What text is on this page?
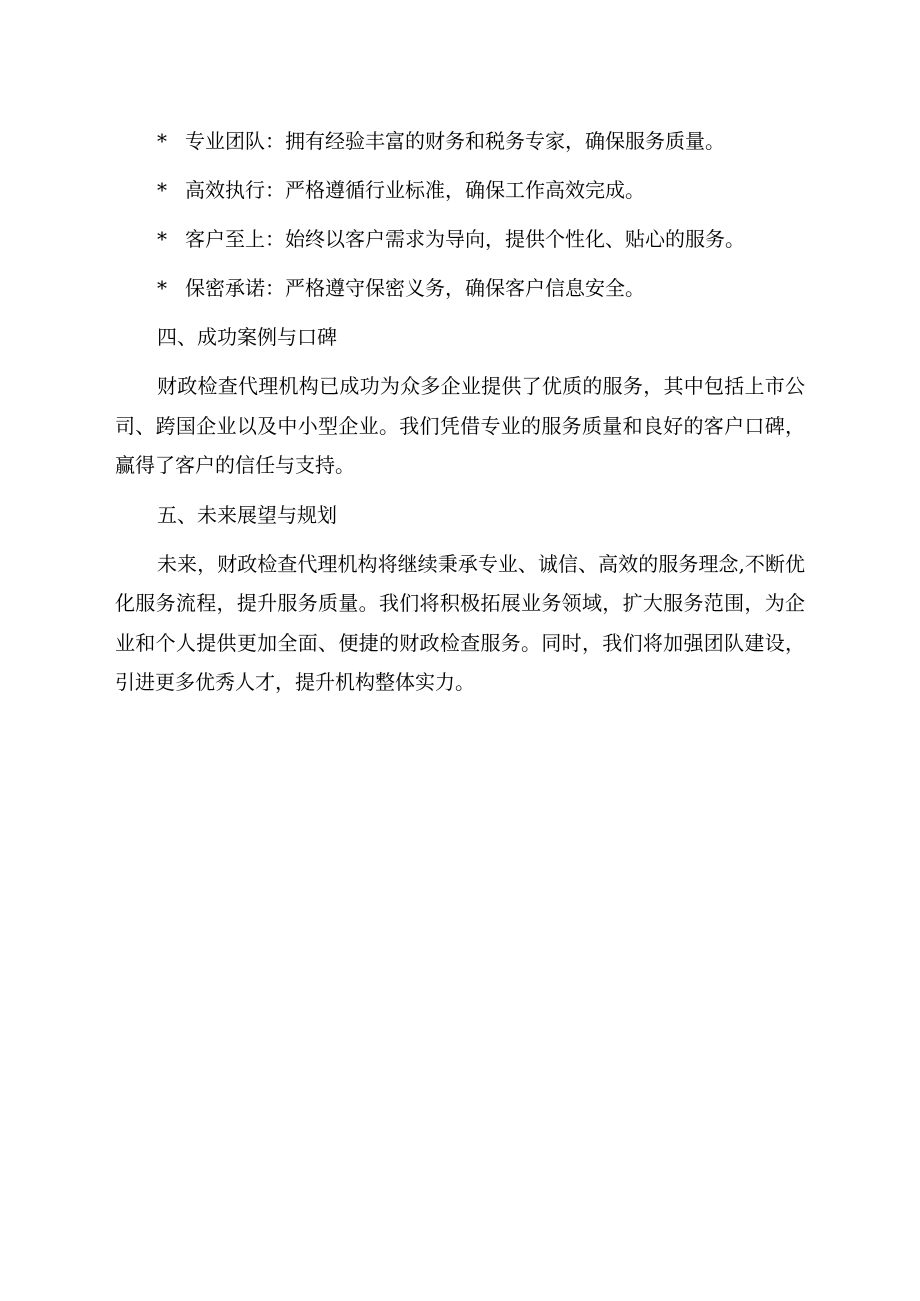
* 专业团队：拥有经验丰富的财务和税务专家，确保服务质量。
* 高效执行：严格遵循行业标准，确保工作高效完成。
* 客户至上：始终以客户需求为导向，提供个性化、贴心的服务。
* 保密承诺：严格遵守保密义务，确保客户信息安全。
四、成功案例与口碑

财政检查代理机构已成功为众多企业提供了优质的服务，其中包括上市公司、跨国企业以及中小型企业。我们凭借专业的服务质量和良好的客户口碑，赢得了客户的信任与支持。

五、未来展望与规划

未来，财政检查代理机构将继续秉承专业、诚信、高效的服务理念,不断优化服务流程，提升服务质量。我们将积极拓展业务领域，扩大服务范围，为企业和个人提供更加全面、便捷的财政检查服务。同时，我们将加强团队建设，引进更多优秀人才，提升机构整体实力。
